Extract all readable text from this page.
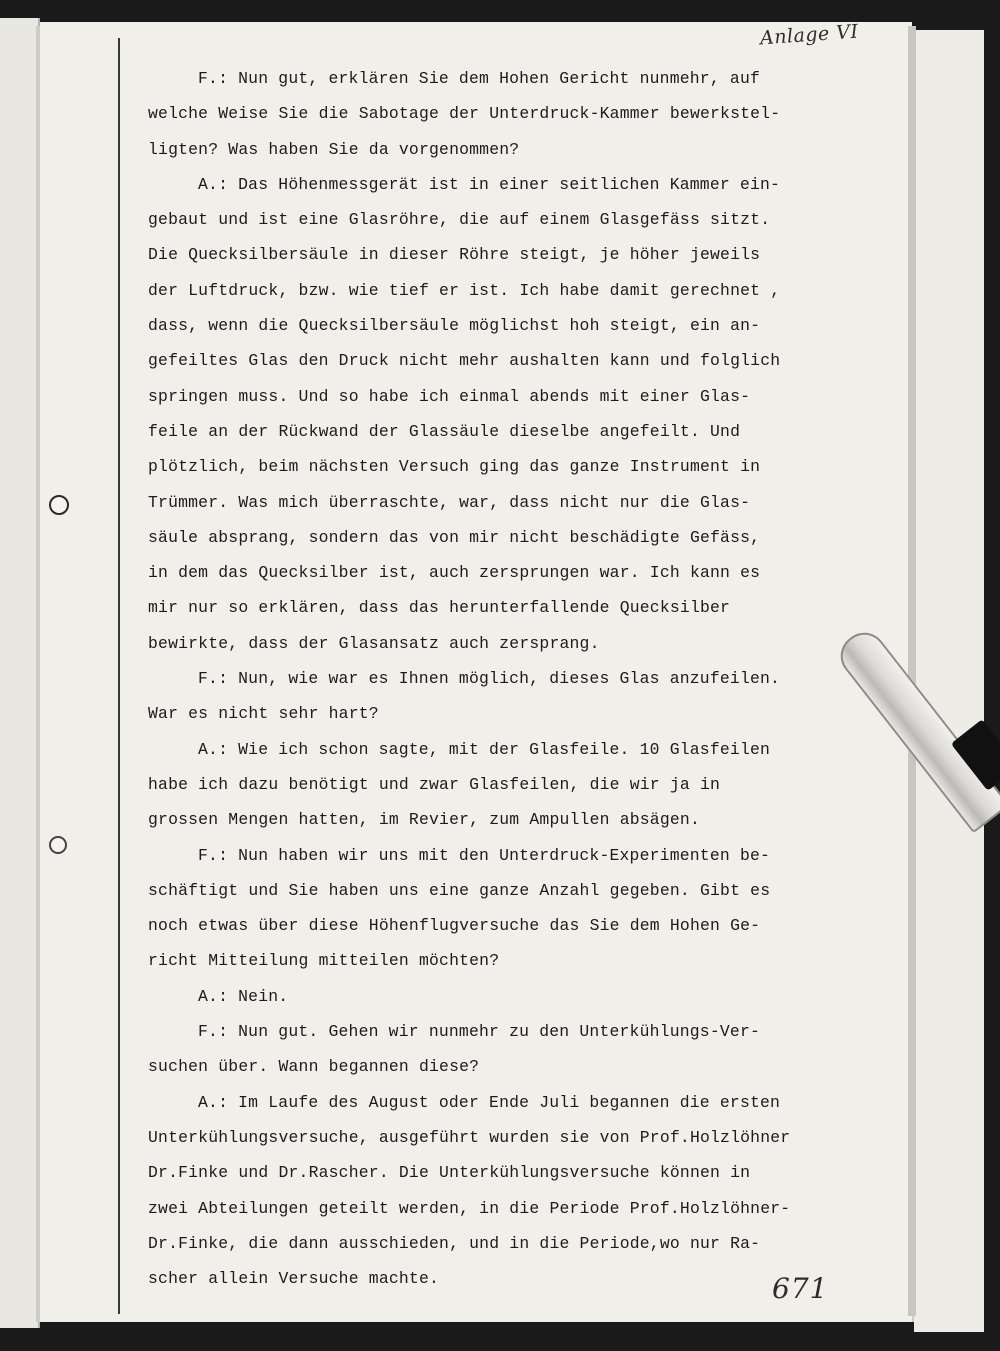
Anlage VI
F.: Nun gut, erklären Sie dem Hohen Gericht nunmehr, auf
welche Weise Sie die Sabotage der Unterdruck-Kammer bewerkstel-
ligten? Was haben Sie da vorgenommen?
A.: Das Höhenmessgerät ist in einer seitlichen Kammer ein-
gebaut und ist eine Glasröhre, die auf einem Glasgefäss sitzt.
Die Quecksilbersäule in dieser Röhre steigt, je höher jeweils
der Luftdruck, bzw. wie tief er ist. Ich habe damit gerechnet ,
dass, wenn die Quecksilbersäule möglichst hoh steigt, ein an-
gefeiltes Glas den Druck nicht mehr aushalten kann und folglich
springen muss. Und so habe ich einmal abends mit einer Glas-
feile an der Rückwand der Glassäule dieselbe angefeilt. Und
plötzlich, beim nächsten Versuch ging das ganze Instrument in
Trümmer. Was mich überraschte, war, dass nicht nur die Glas-
säule absprang, sondern das von mir nicht beschädigte Gefäss,
in dem das Quecksilber ist, auch zersprungen war. Ich kann es
mir nur so erklären, dass das herunterfallende Quecksilber
bewirkte, dass der Glasansatz auch zersprang.
F.: Nun, wie war es Ihnen möglich, dieses Glas anzufeilen.
War es nicht sehr hart?
A.: Wie ich schon sagte, mit der Glasfeile. 10 Glasfeilen
habe ich dazu benötigt und zwar Glasfeilen, die wir ja in
grossen Mengen hatten, im Revier, zum Ampullen absägen.
F.: Nun haben wir uns mit den Unterdruck-Experimenten be-
schäftigt und Sie haben uns eine ganze Anzahl gegeben. Gibt es
noch etwas über diese Höhenflugversuche das Sie dem Hohen Ge-
richt Mitteilung mitteilen möchten?
A.: Nein.
F.: Nun gut. Gehen wir nunmehr zu den Unterkühlungs-Ver-
suchen über. Wann begannen diese?
A.: Im Laufe des August oder Ende Juli begannen die ersten
Unterkühlungsversuche, ausgeführt wurden sie von Prof.Holzlöhner
Dr.Finke und Dr.Rascher. Die Unterkühlungsversuche können in
zwei Abteilungen geteilt werden, in die Periode Prof.Holzlöhner-
Dr.Finke, die dann ausschieden, und in die Periode,wo nur Ra-
scher allein Versuche machte.	671
